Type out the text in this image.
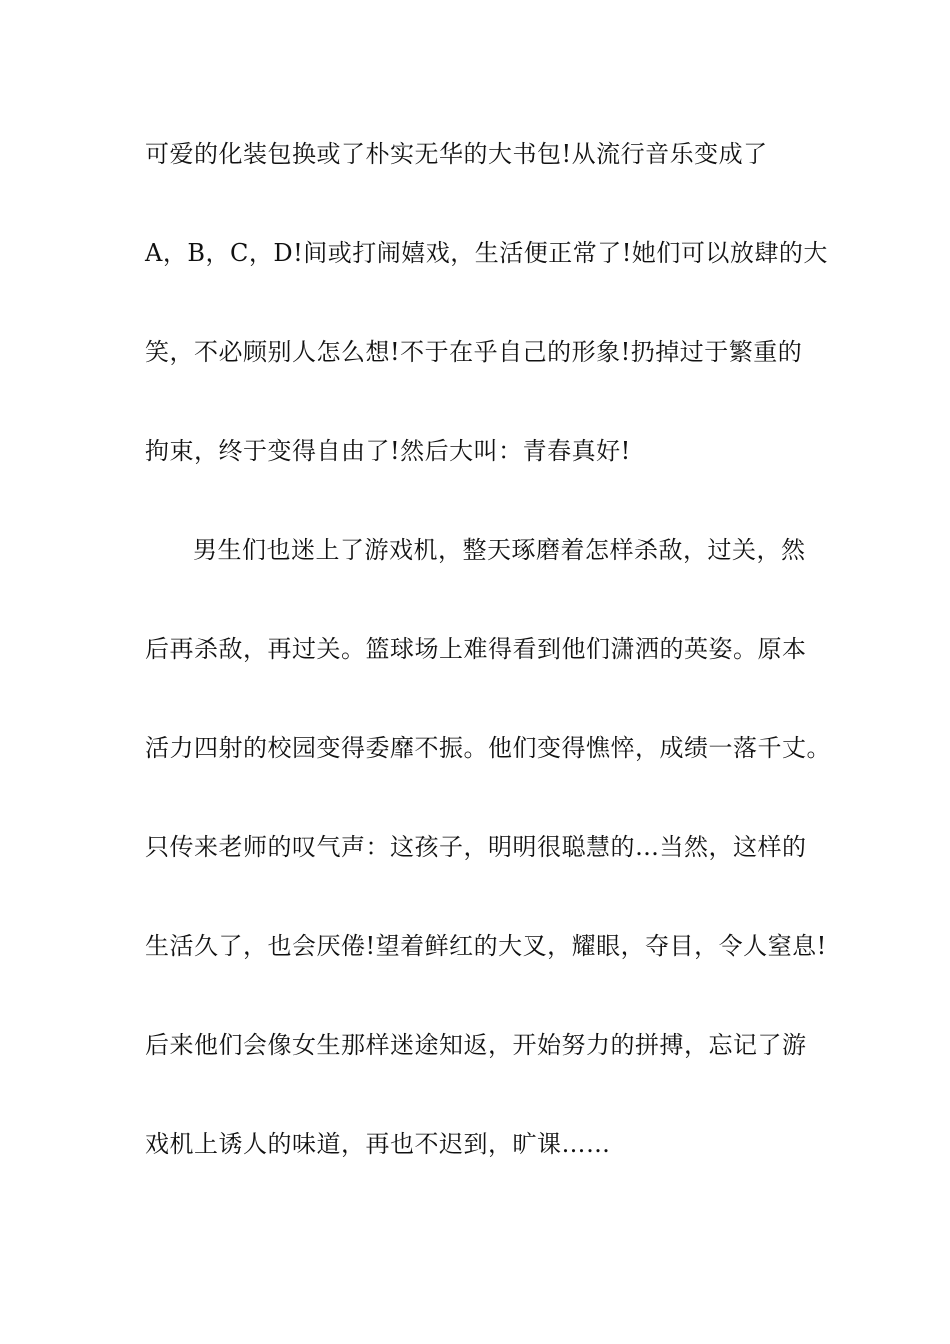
可爱的化装包换或了朴实无华的大书包!从流行音乐变成了
A，B，C，D!间或打闹嬉戏，生活便正常了!她们可以放肆的大
笑，不必顾别人怎么想!不于在乎自己的形象!扔掉过于繁重的
拘束，终于变得自由了!然后大叫：青春真好!
男生们也迷上了游戏机，整天琢磨着怎样杀敌，过关，然
后再杀敌，再过关。篮球场上难得看到他们潇洒的英姿。原本
活力四射的校园变得委靡不振。他们变得憔悴，成绩一落千丈。
只传来老师的叹气声：这孩子，明明很聪慧的…当然，这样的
生活久了，也会厌倦!望着鲜红的大叉，耀眼，夺目，令人窒息!
后来他们会像女生那样迷途知返，开始努力的拼搏，忘记了游
戏机上诱人的味道，再也不迟到，旷课……
